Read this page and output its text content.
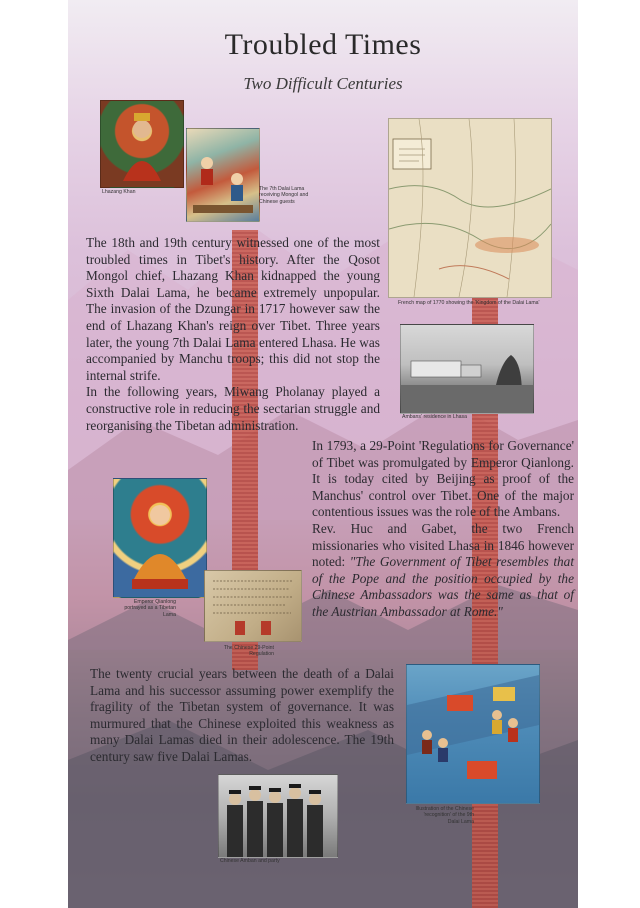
Troubled Times
Two Difficult Centuries
Lhazang Khan	The 7th Dalai Lama receiving Mongol and Chinese guests
French map of 1770 showing the 'Kingdom of the Dalai Lama'
Ambans' residence in Lhasa

The 18th and 19th century witnessed one of the most troubled times in Tibet's history. After the Qosot Mongol chief, Lhazang Khan kidnapped the young Sixth Dalai Lama, he became extremely unpopular. The invasion of the Dzungar in 1717 however saw the end of Lhazang Khan's reign over Tibet. Three years later, the young 7th Dalai Lama entered Lhasa. He was accompanied by Manchu troops; this did not stop the internal strife.

In the following years, Miwang Pholanay played a constructive role in reducing the sectarian struggle and reorganising the Tibetan administration.

Emperor Qianlong portrayed as a Tibetan Lama
The Chinese 29-Point Regulation

In 1793, a 29-Point 'Regulations for Governance' of Tibet was promulgated by Emperor Qianlong. It is today cited by Beijing as proof of the Manchus' control over Tibet. One of the major contentious issues was the role of the Ambans.

Rev. Huc and Gabet, the two French missionaries who visited Lhasa in 1846 however noted: "The Government of Tibet resembles that of the Pope and the position occupied by the Chinese Ambassadors was the same as that of the Austrian Ambassador at Rome."

The twenty crucial years between the death of a Dalai Lama and his successor assuming power exemplify the fragility of the Tibetan system of governance. It was murmured that the Chinese exploited this weakness as many Dalai Lamas died in their adolescence. The 19th century saw five Dalai Lamas.

Illustration of the Chinese 'recognition' of the 9th Dalai Lama
Chinese Amban and party
